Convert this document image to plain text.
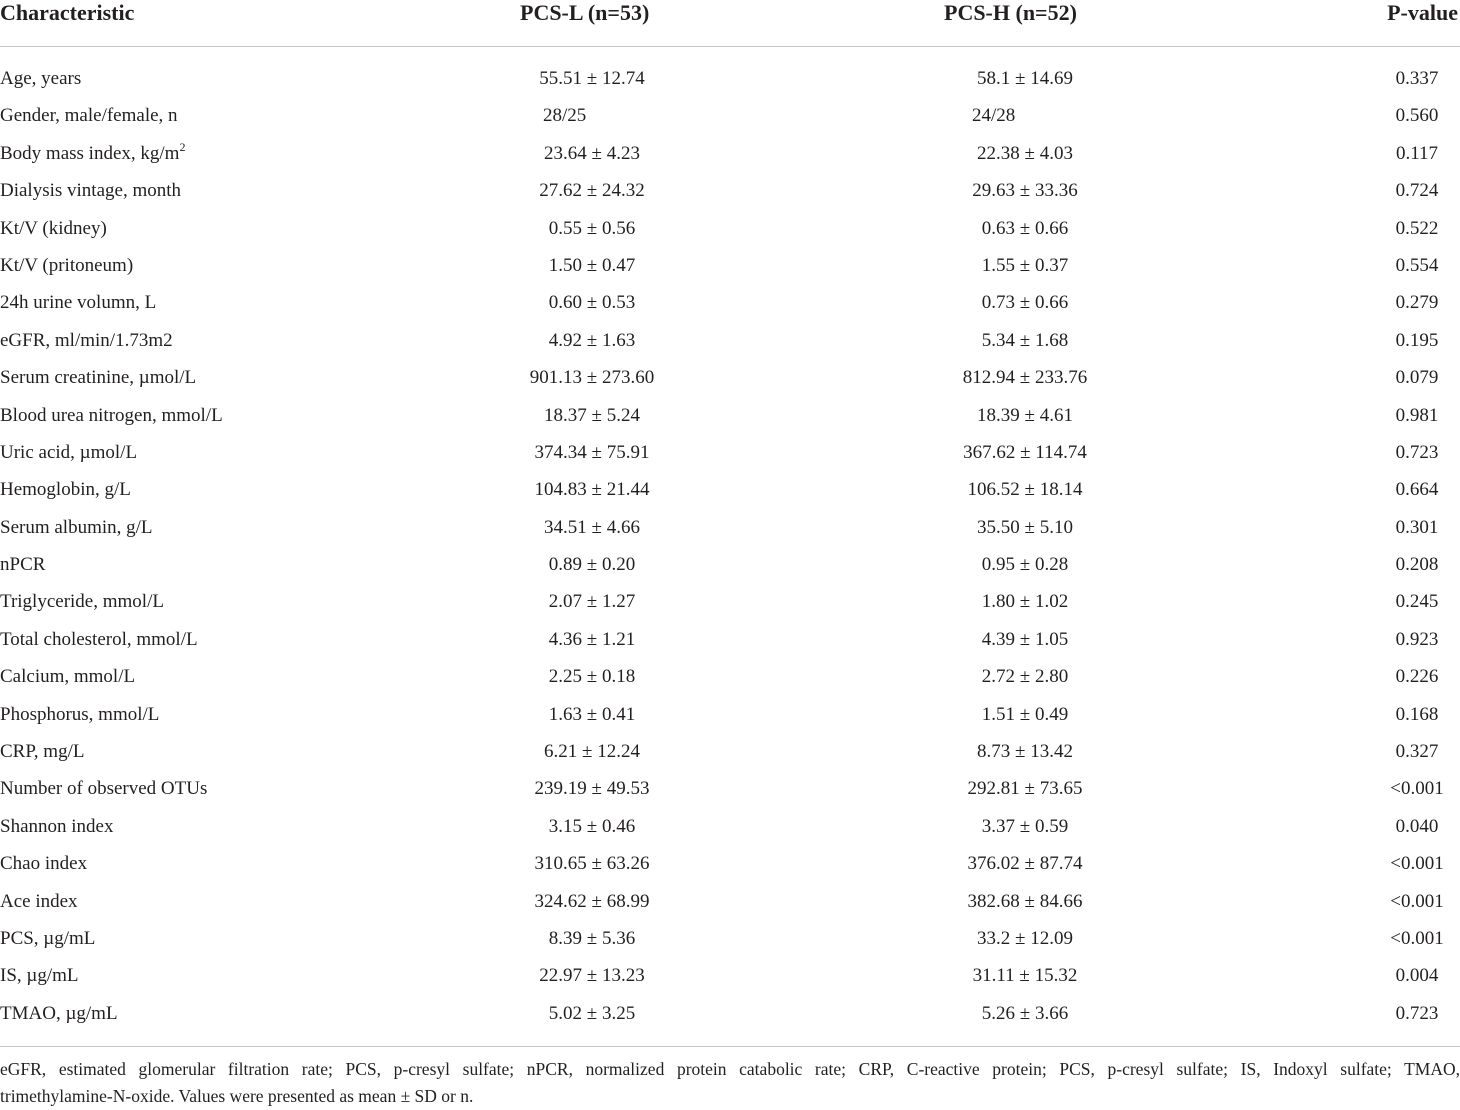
Characteristic	PCS-L (n=53)	PCS-H (n=52)	P-value
Age, years	55.51 ± 12.74	58.1 ± 14.69	0.337
Gender, male/female, n	28/25	24/28	0.560
Body mass index, $kg/m^2$	23.64 ± 4.23	22.38 ± 4.03	0.117
Dialysis vintage, month	27.62 ± 24.32	29.63 ± 33.36	0.724
Kt/V (kidney)	0.55 ± 0.56	0.63 ± 0.66	0.522
Kt/V (pritoneum)	1.50 ± 0.47	1.55 ± 0.37	0.554
24h urine volumn, L	0.60 ± 0.53	0.73 ± 0.66	0.279
eGFR, ml/min/1.73m2	4.92 ± 1.63	5.34 ± 1.68	0.195
Serum creatinine, µmol/L	901.13 ± 273.60	812.94 ± 233.76	0.079
Blood urea nitrogen, mmol/L	18.37 ± 5.24	18.39 ± 4.61	0.981
Uric acid, µmol/L	374.34 ± 75.91	367.62 ± 114.74	0.723
Hemoglobin, g/L	104.83 ± 21.44	106.52 ± 18.14	0.664
Serum albumin, g/L	34.51 ± 4.66	35.50 ± 5.10	0.301
nPCR	0.89 ± 0.20	0.95 ± 0.28	0.208
Triglyceride, mmol/L	2.07 ± 1.27	1.80 ± 1.02	0.245
Total cholesterol, mmol/L	4.36 ± 1.21	4.39 ± 1.05	0.923
Calcium, mmol/L	2.25 ± 0.18	2.72 ± 2.80	0.226
Phosphorus, mmol/L	1.63 ± 0.41	1.51 ± 0.49	0.168
CRP, mg/L	6.21 ± 12.24	8.73 ± 13.42	0.327
Number of observed OTUs	239.19 ± 49.53	292.81 ± 73.65	<0.001
Shannon index	3.15 ± 0.46	3.37 ± 0.59	0.040
Chao index	310.65 ± 63.26	376.02 ± 87.74	<0.001
Ace index	324.62 ± 68.99	382.68 ± 84.66	<0.001
PCS, µg/mL	8.39 ± 5.36	33.2 ± 12.09	<0.001
IS, µg/mL	22.97 ± 13.23	31.11 ± 15.32	0.004
TMAO, µg/mL	5.02 ± 3.25	5.26 ± 3.66	0.723
eGFR, estimated glomerular filtration rate; PCS, p-cresyl sulfate; nPCR, normalized protein catabolic rate; CRP, C-reactive protein; PCS, p-cresyl sulfate; IS, Indoxyl sulfate; TMAO,
trimethylamine-N-oxide. Values were presented as mean ± SD or n.
